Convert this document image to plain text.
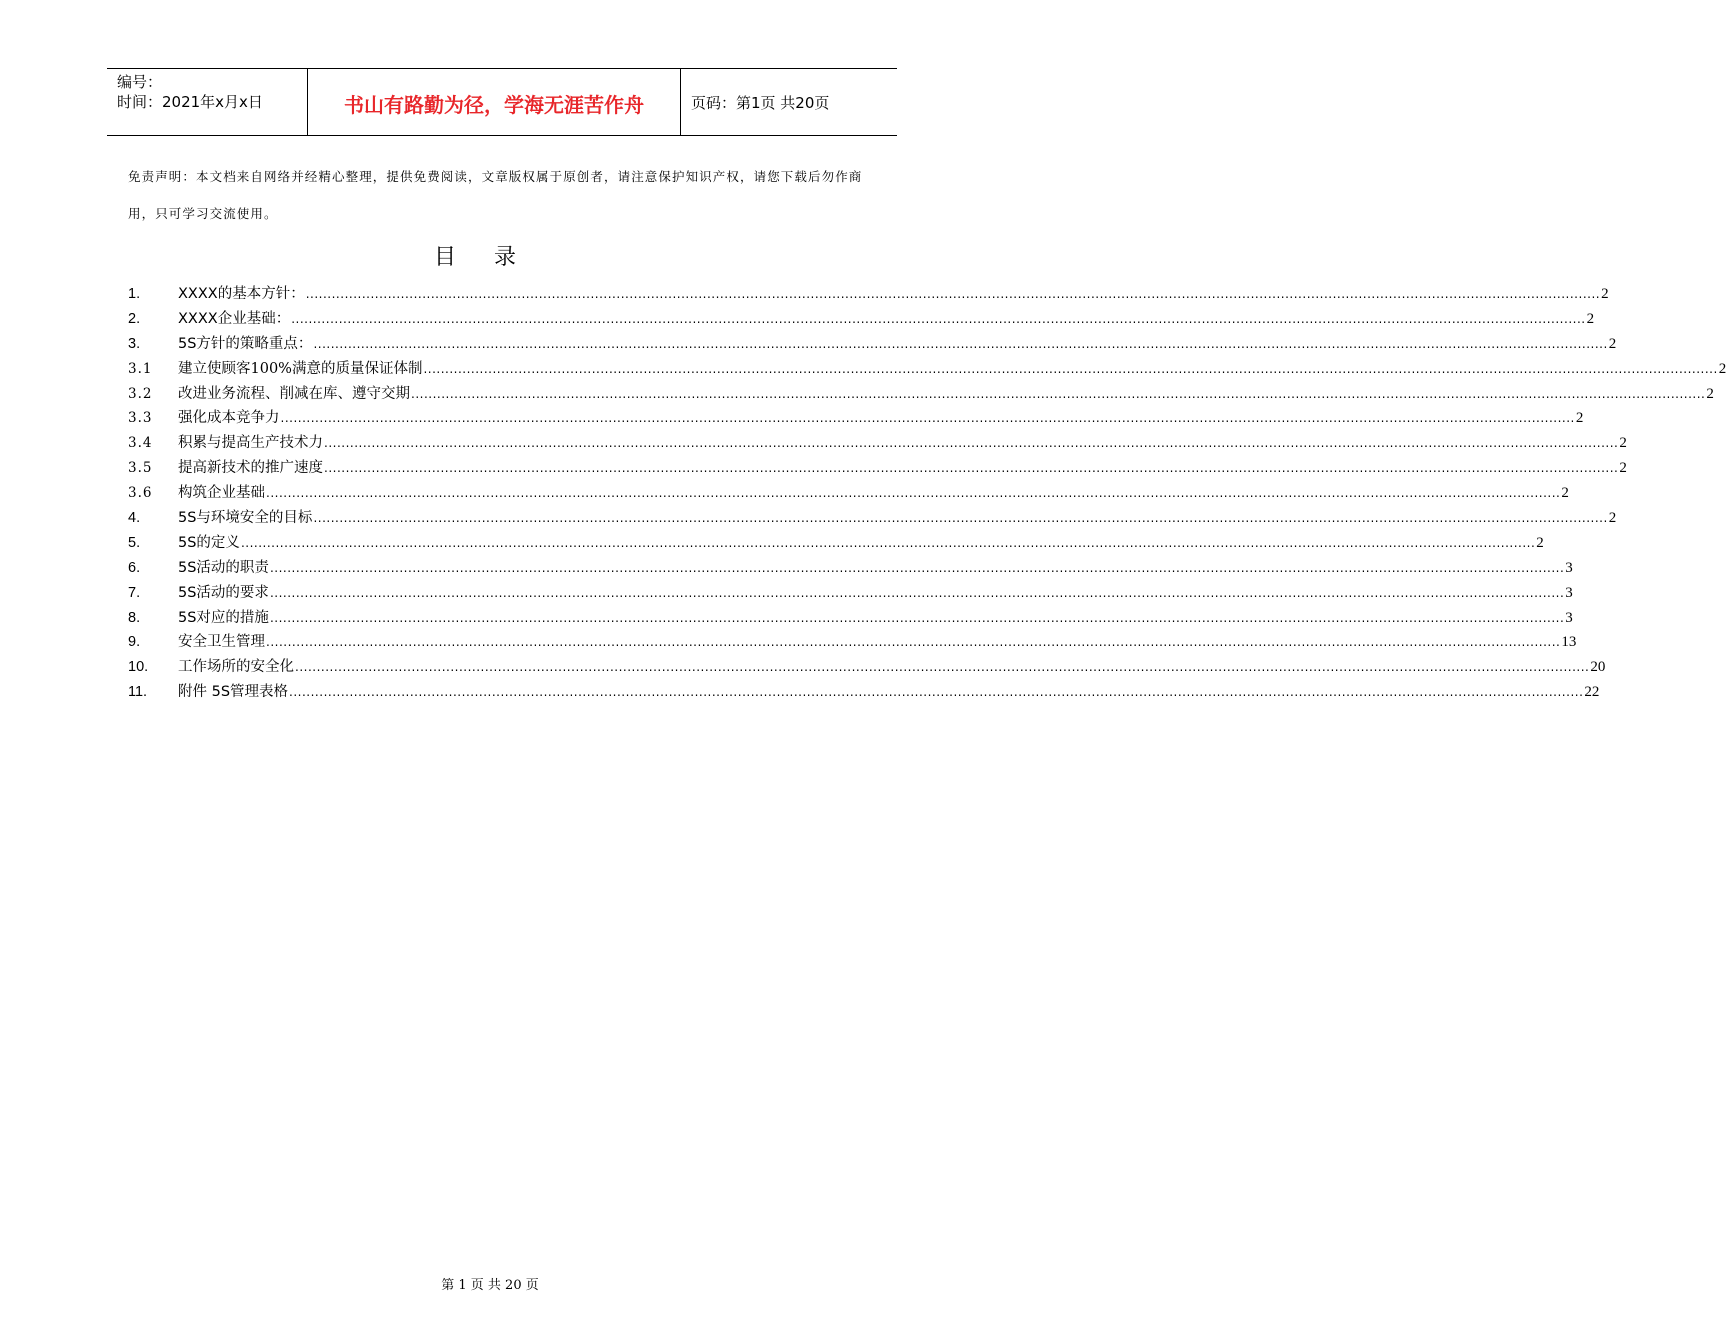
编号：
时间：2021年x月x日	书山有路勤为径，学海无涯苦作舟	页码：第1页 共20页
免责声明：本文档来自网络并经精心整理，提供免费阅读，文章版权属于原创者，请注意保护知识产权，请您下载后勿作商用，只可学习交流使用。
目录
1.	XXXX的基本方针： ............................................................................................................................................................................................................................................................................................................ 2
2.	XXXX企业基础： ............................................................................................................................................................................................................................................................................................................ 2
3.	5S方针的策略重点： ............................................................................................................................................................................................................................................................................................................ 2
3.1	建立使顾客100%满意的质量保证体制 ............................................................................................................................................................................................................................................................................................................ 2
3.2	改进业务流程、削减在库、遵守交期 ............................................................................................................................................................................................................................................................................................................ 2
3.3	强化成本竞争力 ............................................................................................................................................................................................................................................................................................................ 2
3.4	积累与提高生产技术力 ............................................................................................................................................................................................................................................................................................................ 2
3.5	提高新技术的推广速度 ............................................................................................................................................................................................................................................................................................................ 2
3.6	构筑企业基础 ............................................................................................................................................................................................................................................................................................................ 2
4.	5S与环境安全的目标 ............................................................................................................................................................................................................................................................................................................ 2
5.	5S的定义 ............................................................................................................................................................................................................................................................................................................ 2
6.	5S活动的职责 ............................................................................................................................................................................................................................................................................................................ 3
7.	5S活动的要求 ............................................................................................................................................................................................................................................................................................................ 3
8.	5S对应的措施 ............................................................................................................................................................................................................................................................................................................ 3
9.	安全卫生管理 ............................................................................................................................................................................................................................................................................................................ 13
10.	工作场所的安全化 ............................................................................................................................................................................................................................................................................................................ 20
11.	附件 5S管理表格 ............................................................................................................................................................................................................................................................................................................ 22
第 1 页 共 20 页
